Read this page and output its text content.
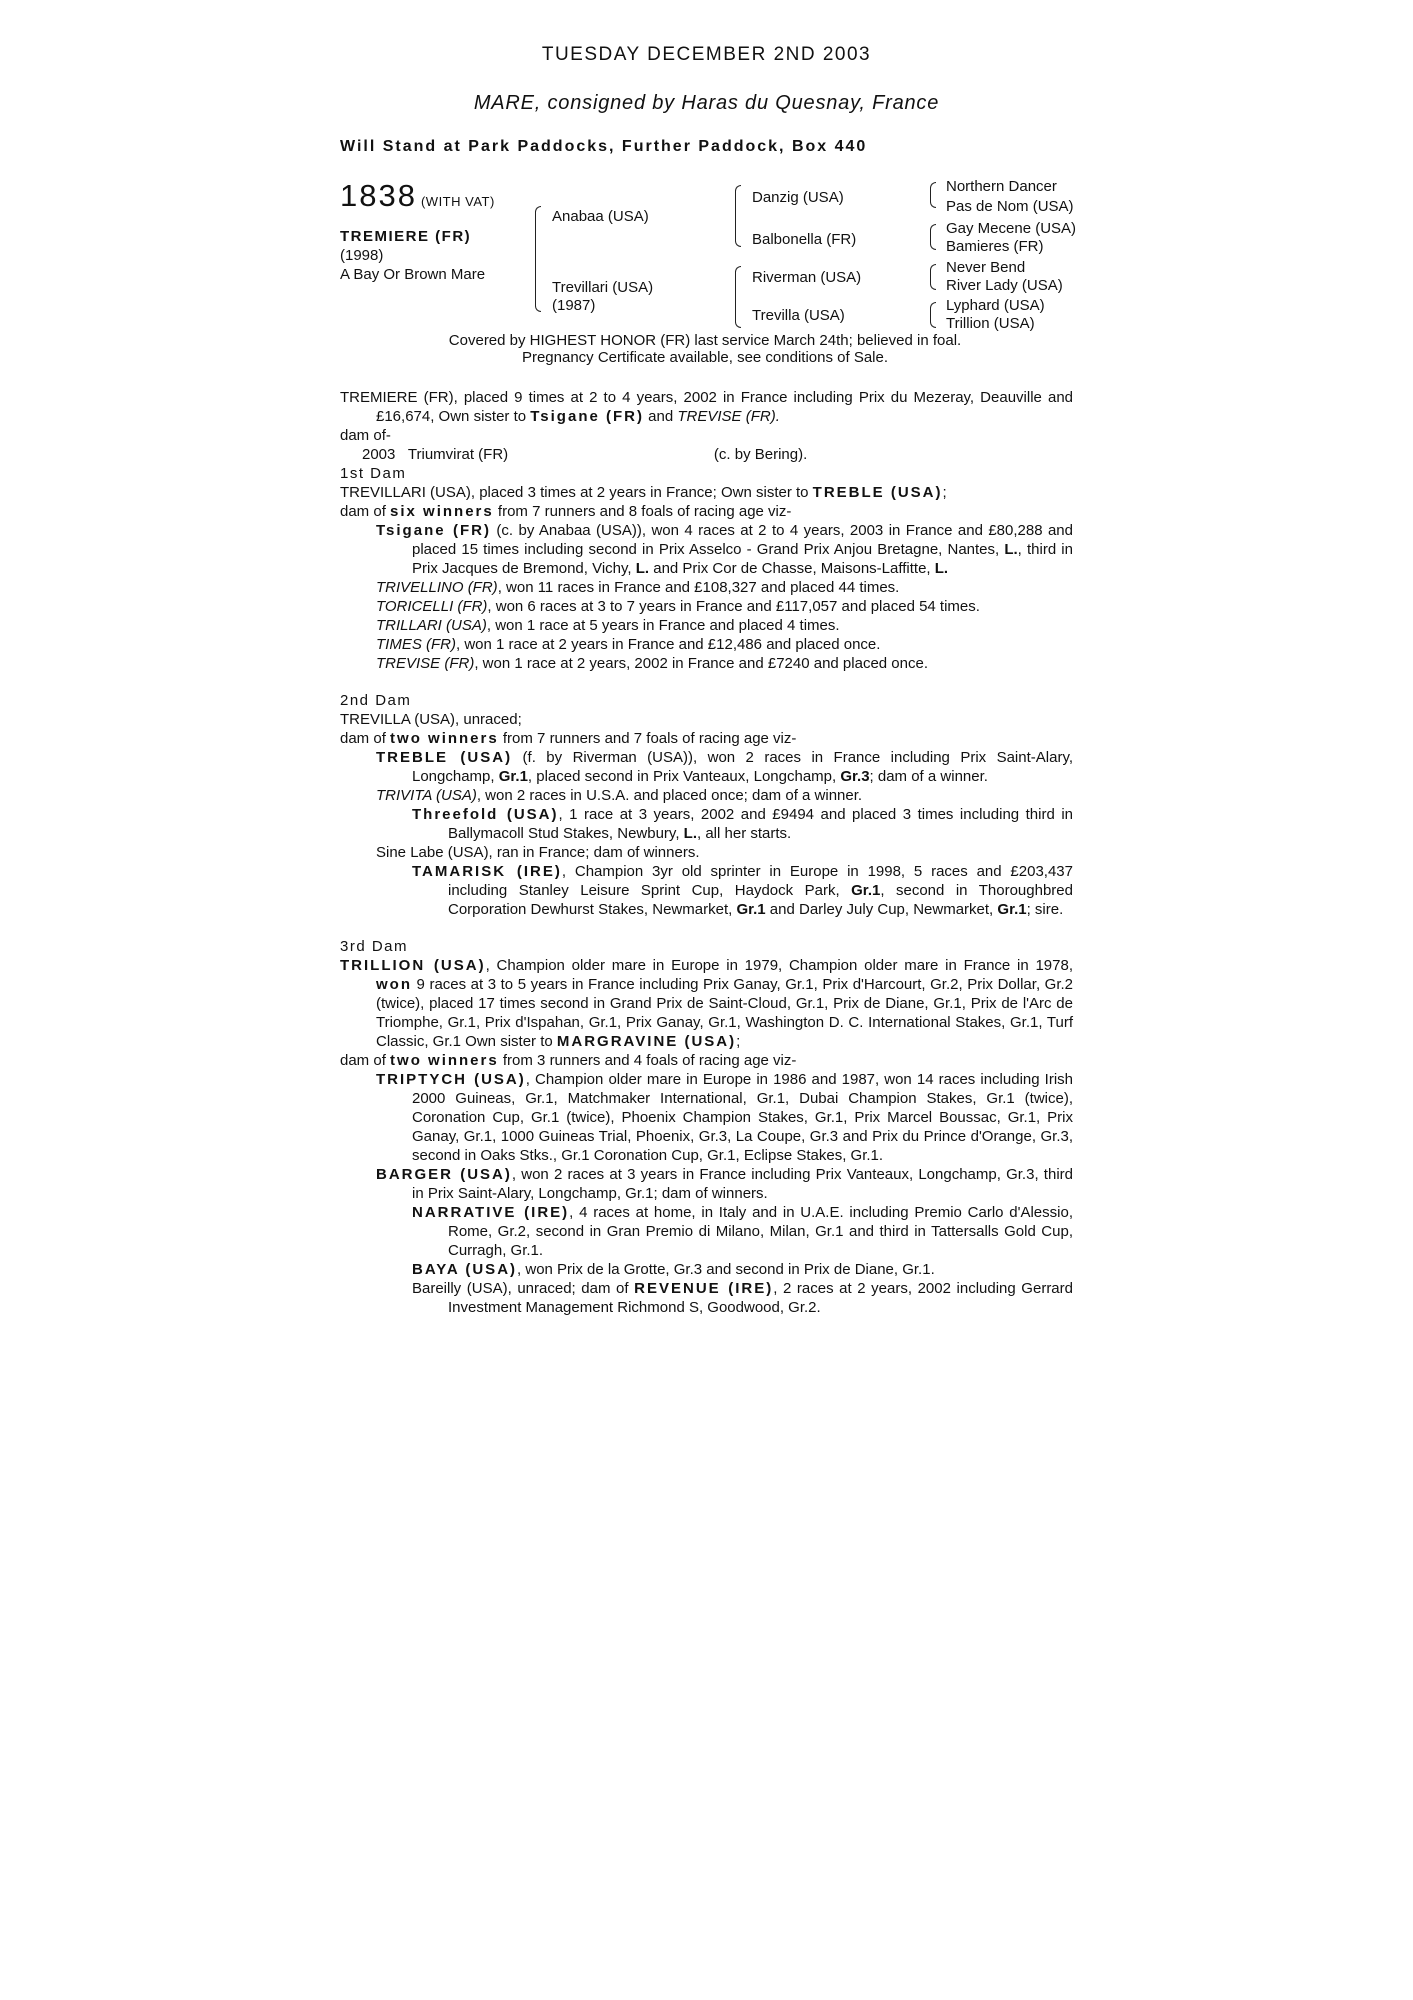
TUESDAY DECEMBER 2ND 2003
MARE, consigned by Haras du Quesnay, France
Will Stand at Park Paddocks, Further Paddock, Box 440
1838 (WITH VAT)
TREMIERE (FR)
(1998)
A Bay Or Brown Mare
Anabaa (USA)
Trevillari (USA)
(1987)
Danzig (USA)
Balbonella (FR)
Riverman (USA)
Trevilla (USA)
Northern Dancer
Pas de Nom (USA)
Gay Mecene (USA)
Bamieres (FR)
Never Bend
River Lady (USA)
Lyphard (USA)
Trillion (USA)
Covered by HIGHEST HONOR (FR) last service March 24th; believed in foal.
Pregnancy Certificate available, see conditions of Sale.

TREMIERE (FR), placed 9 times at 2 to 4 years, 2002 in France including Prix du Mezeray, Deauville and £16,674, Own sister to Tsigane (FR) and TREVISE (FR).

dam of-

2003 Triumvirat (FR)	(c. by Bering).

1st Dam

TREVILLARI (USA), placed 3 times at 2 years in France; Own sister to TREBLE (USA);

dam of six winners from 7 runners and 8 foals of racing age viz-

Tsigane (FR) (c. by Anabaa (USA)), won 4 races at 2 to 4 years, 2003 in France and £80,288 and placed 15 times including second in Prix Asselco - Grand Prix Anjou Bretagne, Nantes, L., third in Prix Jacques de Bremond, Vichy, L. and Prix Cor de Chasse, Maisons-Laffitte, L.

TRIVELLINO (FR), won 11 races in France and £108,327 and placed 44 times.

TORICELLI (FR), won 6 races at 3 to 7 years in France and £117,057 and placed 54 times.

TRILLARI (USA), won 1 race at 5 years in France and placed 4 times.

TIMES (FR), won 1 race at 2 years in France and £12,486 and placed once.

TREVISE (FR), won 1 race at 2 years, 2002 in France and £7240 and placed once.

2nd Dam

TREVILLA (USA), unraced;

dam of two winners from 7 runners and 7 foals of racing age viz-

TREBLE (USA) (f. by Riverman (USA)), won 2 races in France including Prix Saint-Alary, Longchamp, Gr.1, placed second in Prix Vanteaux, Longchamp, Gr.3; dam of a winner.

TRIVITA (USA), won 2 races in U.S.A. and placed once; dam of a winner.

Threefold (USA), 1 race at 3 years, 2002 and £9494 and placed 3 times including third in Ballymacoll Stud Stakes, Newbury, L., all her starts.

Sine Labe (USA), ran in France; dam of winners.

TAMARISK (IRE), Champion 3yr old sprinter in Europe in 1998, 5 races and £203,437 including Stanley Leisure Sprint Cup, Haydock Park, Gr.1, second in Thoroughbred Corporation Dewhurst Stakes, Newmarket, Gr.1 and Darley July Cup, Newmarket, Gr.1; sire.

3rd Dam

TRILLION (USA), Champion older mare in Europe in 1979, Champion older mare in France in 1978, won 9 races at 3 to 5 years in France including Prix Ganay, Gr.1, Prix d'Harcourt, Gr.2, Prix Dollar, Gr.2 (twice), placed 17 times second in Grand Prix de Saint-Cloud, Gr.1, Prix de Diane, Gr.1, Prix de l'Arc de Triomphe, Gr.1, Prix d'Ispahan, Gr.1, Prix Ganay, Gr.1, Washington D. C. International Stakes, Gr.1, Turf Classic, Gr.1 Own sister to MARGRAVINE (USA);

dam of two winners from 3 runners and 4 foals of racing age viz-

TRIPTYCH (USA), Champion older mare in Europe in 1986 and 1987, won 14 races including Irish 2000 Guineas, Gr.1, Matchmaker International, Gr.1, Dubai Champion Stakes, Gr.1 (twice), Coronation Cup, Gr.1 (twice), Phoenix Champion Stakes, Gr.1, Prix Marcel Boussac, Gr.1, Prix Ganay, Gr.1, 1000 Guineas Trial, Phoenix, Gr.3, La Coupe, Gr.3 and Prix du Prince d'Orange, Gr.3, second in Oaks Stks., Gr.1 Coronation Cup, Gr.1, Eclipse Stakes, Gr.1.

BARGER (USA), won 2 races at 3 years in France including Prix Vanteaux, Longchamp, Gr.3, third in Prix Saint-Alary, Longchamp, Gr.1; dam of winners.

NARRATIVE (IRE), 4 races at home, in Italy and in U.A.E. including Premio Carlo d'Alessio, Rome, Gr.2, second in Gran Premio di Milano, Milan, Gr.1 and third in Tattersalls Gold Cup, Curragh, Gr.1.

BAYA (USA), won Prix de la Grotte, Gr.3 and second in Prix de Diane, Gr.1.

Bareilly (USA), unraced; dam of REVENUE (IRE), 2 races at 2 years, 2002 including Gerrard Investment Management Richmond S, Goodwood, Gr.2.
